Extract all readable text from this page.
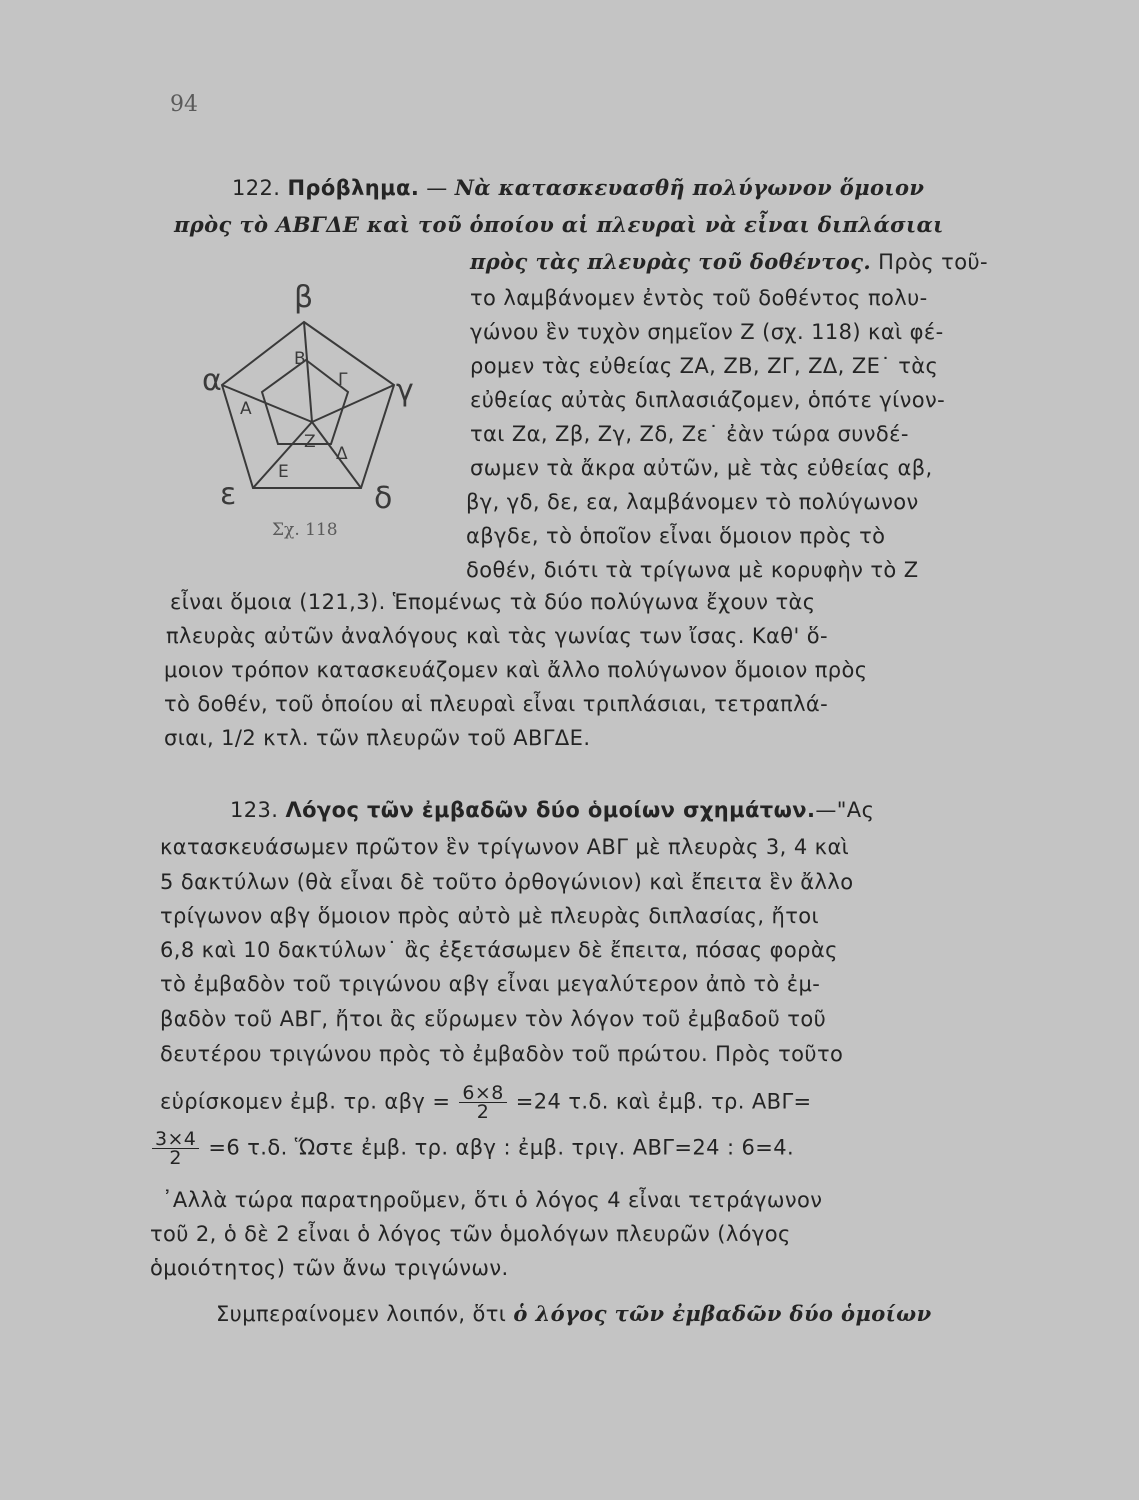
94
122. Πρόβλημα. — Νὰ κατασκευασθῆ πολύγωνον ὅμοιον
πρὸς τὸ ΑΒΓΔΕ καὶ τοῦ ὁποίου αἱ πλευραὶ νὰ εἶναι διπλάσιαι
πρὸς τὰς πλευρὰς τοῦ δοθέντος. Πρὸς τοῦ-
το λαμβάνομεν ἐντὸς τοῦ δοθέντος πολυ-
γώνου ἓν τυχὸν σημεῖον Ζ (σχ. 118) καὶ φέ-
ρομεν τὰς εὐθείας ΖΑ, ΖΒ, ΖΓ, ΖΔ, ΖΕ˙ τὰς
εὐθείας αὐτὰς διπλασιάζομεν, ὁπότε γίνον-
ται Ζα, Ζβ, Ζγ, Ζδ, Ζε˙ ἐὰν τώρα συνδέ-
σωμεν τὰ ἄκρα αὐτῶν, μὲ τὰς εὐθείας αβ,
βγ, γδ, δε, εα, λαμβάνομεν τὸ πολύγωνον
αβγδε, τὸ ὁποῖον εἶναι ὅμοιον πρὸς τὸ
δοθέν, διότι τὰ τρίγωνα μὲ κορυφὴν τὸ Ζ
εἶναι ὅμοια (121,3). Ἑπομένως τὰ δύο πολύγωνα ἔχουν τὰς
πλευρὰς αὐτῶν ἀναλόγους καὶ τὰς γωνίας των ἴσας. Καθ' ὅ-
μοιον τρόπον κατασκευάζομεν καὶ ἄλλο πολύγωνον ὅμοιον πρὸς
τὸ δοθέν, τοῦ ὁποίου αἱ πλευραὶ εἶναι τριπλάσιαι, τετραπλά-
σιαι, 1/2 κτλ. τῶν πλευρῶν τοῦ ΑΒΓΔΕ.
β
γ
δ
ε
α
Β
Γ
Δ
Ε
Α
Ζ
Σχ. 118
123. Λόγος τῶν ἐμβαδῶν δύο ὁμοίων σχημάτων.—"Ας
κατασκευάσωμεν πρῶτον ἓν τρίγωνον ΑΒΓ μὲ πλευρὰς 3, 4 καὶ
5 δακτύλων (θὰ εἶναι δὲ τοῦτο ὀρθογώνιον) καὶ ἔπειτα ἓν ἄλλο
τρίγωνον αβγ ὅμοιον πρὸς αὐτὸ μὲ πλευρὰς διπλασίας, ἤτοι
6,8 καὶ 10 δακτύλων˙ ἂς ἐξετάσωμεν δὲ ἔπειτα, πόσας φορὰς
τὸ ἐμβαδὸν τοῦ τριγώνου αβγ εἶναι μεγαλύτερον ἀπὸ τὸ ἐμ-
βαδὸν τοῦ ΑΒΓ, ἤτοι ἂς εὕρωμεν τὸν λόγον τοῦ ἐμβαδοῦ τοῦ
δευτέρου τριγώνου πρὸς τὸ ἐμβαδὸν τοῦ πρώτου. Πρὸς τοῦτο
εὑρίσκομεν ἐμβ. τρ. $\alpha\beta\gamma = \frac{6\times 8}{2} =24$ τ.δ. καὶ ἐμβ. τρ. ΑΒΓ=
$\frac{3\times 4}{2} =6$ τ.δ. Ὥστε ἐμβ. τρ. αβγ : ἐμβ. τριγ. ΑΒΓ=24 : 6=4.
᾿Αλλὰ τώρα παρατηροῦμεν, ὅτι ὁ λόγος 4 εἶναι τετράγωνον
τοῦ 2, ὁ δὲ 2 εἶναι ὁ λόγος τῶν ὁμολόγων πλευρῶν (λόγος
ὁμοιότητος) τῶν ἄνω τριγώνων.
Συμπεραίνομεν λοιπόν, ὅτι ὁ λόγος τῶν ἐμβαδῶν δύο ὁμοίων
